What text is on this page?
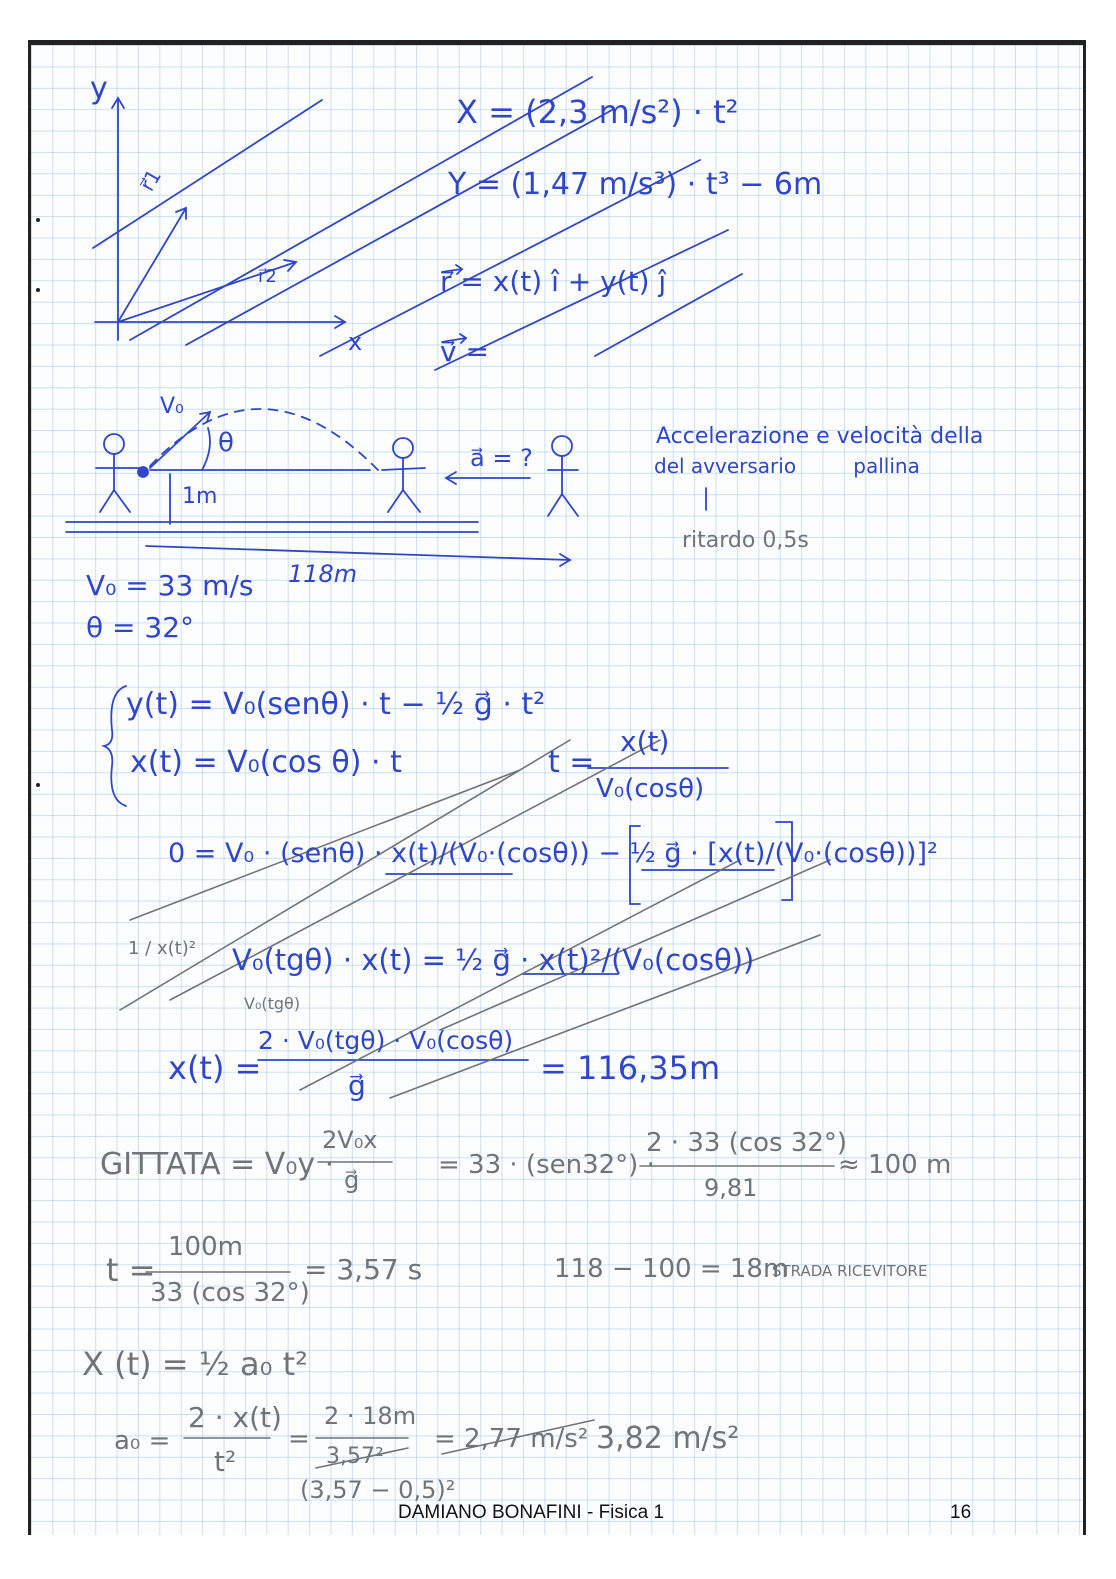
y
x
r⃗1
r⃗2
X = (2,3 m/s²) · t²
Y = (1,47 m/s³) · t³ − 6m
r⃗ = x(t) î + y(t) ĵ
v⃗ =
V₀
θ
1m
a⃗ = ?
118m
Accelerazione e velocità della
del avversario         pallina
ritardo 0,5s
V₀ = 33 m/s
θ = 32°
y(t) = V₀(senθ) · t − ½ g⃗ · t²
x(t) = V₀(cos θ) · t	t =
x(t)
V₀(cosθ)
0 = V₀ · (senθ) · x(t)/(V₀·(cosθ)) − ½ g⃗ · [x(t)/(V₀·(cosθ))]²
V₀(tgθ) · x(t) = ½ g⃗ · x(t)²/(V₀(cosθ))
1 / x(t)²
V₀(tgθ)
x(t) =
2 · V₀(tgθ) · V₀(cosθ)
g⃗	= 116,35m
GITTATA = V₀y ·
2V₀x
g⃗	= 33 · (sen32°) ·
2 · 33 (cos 32°)
9,81
≈ 100 m
t =
100m
33 (cos 32°)
= 3,57 s	118 − 100 = 18m
STRADA RICEVITORE
X (t) = ½ a₀ t²
a₀ =
2 · x(t)
t²
=
2 · 18m
3,57²
(3,57 − 0,5)²
= 2,77 m/s² 3,82 m/s²
DAMIANO BONAFINI - Fisica 1	16
